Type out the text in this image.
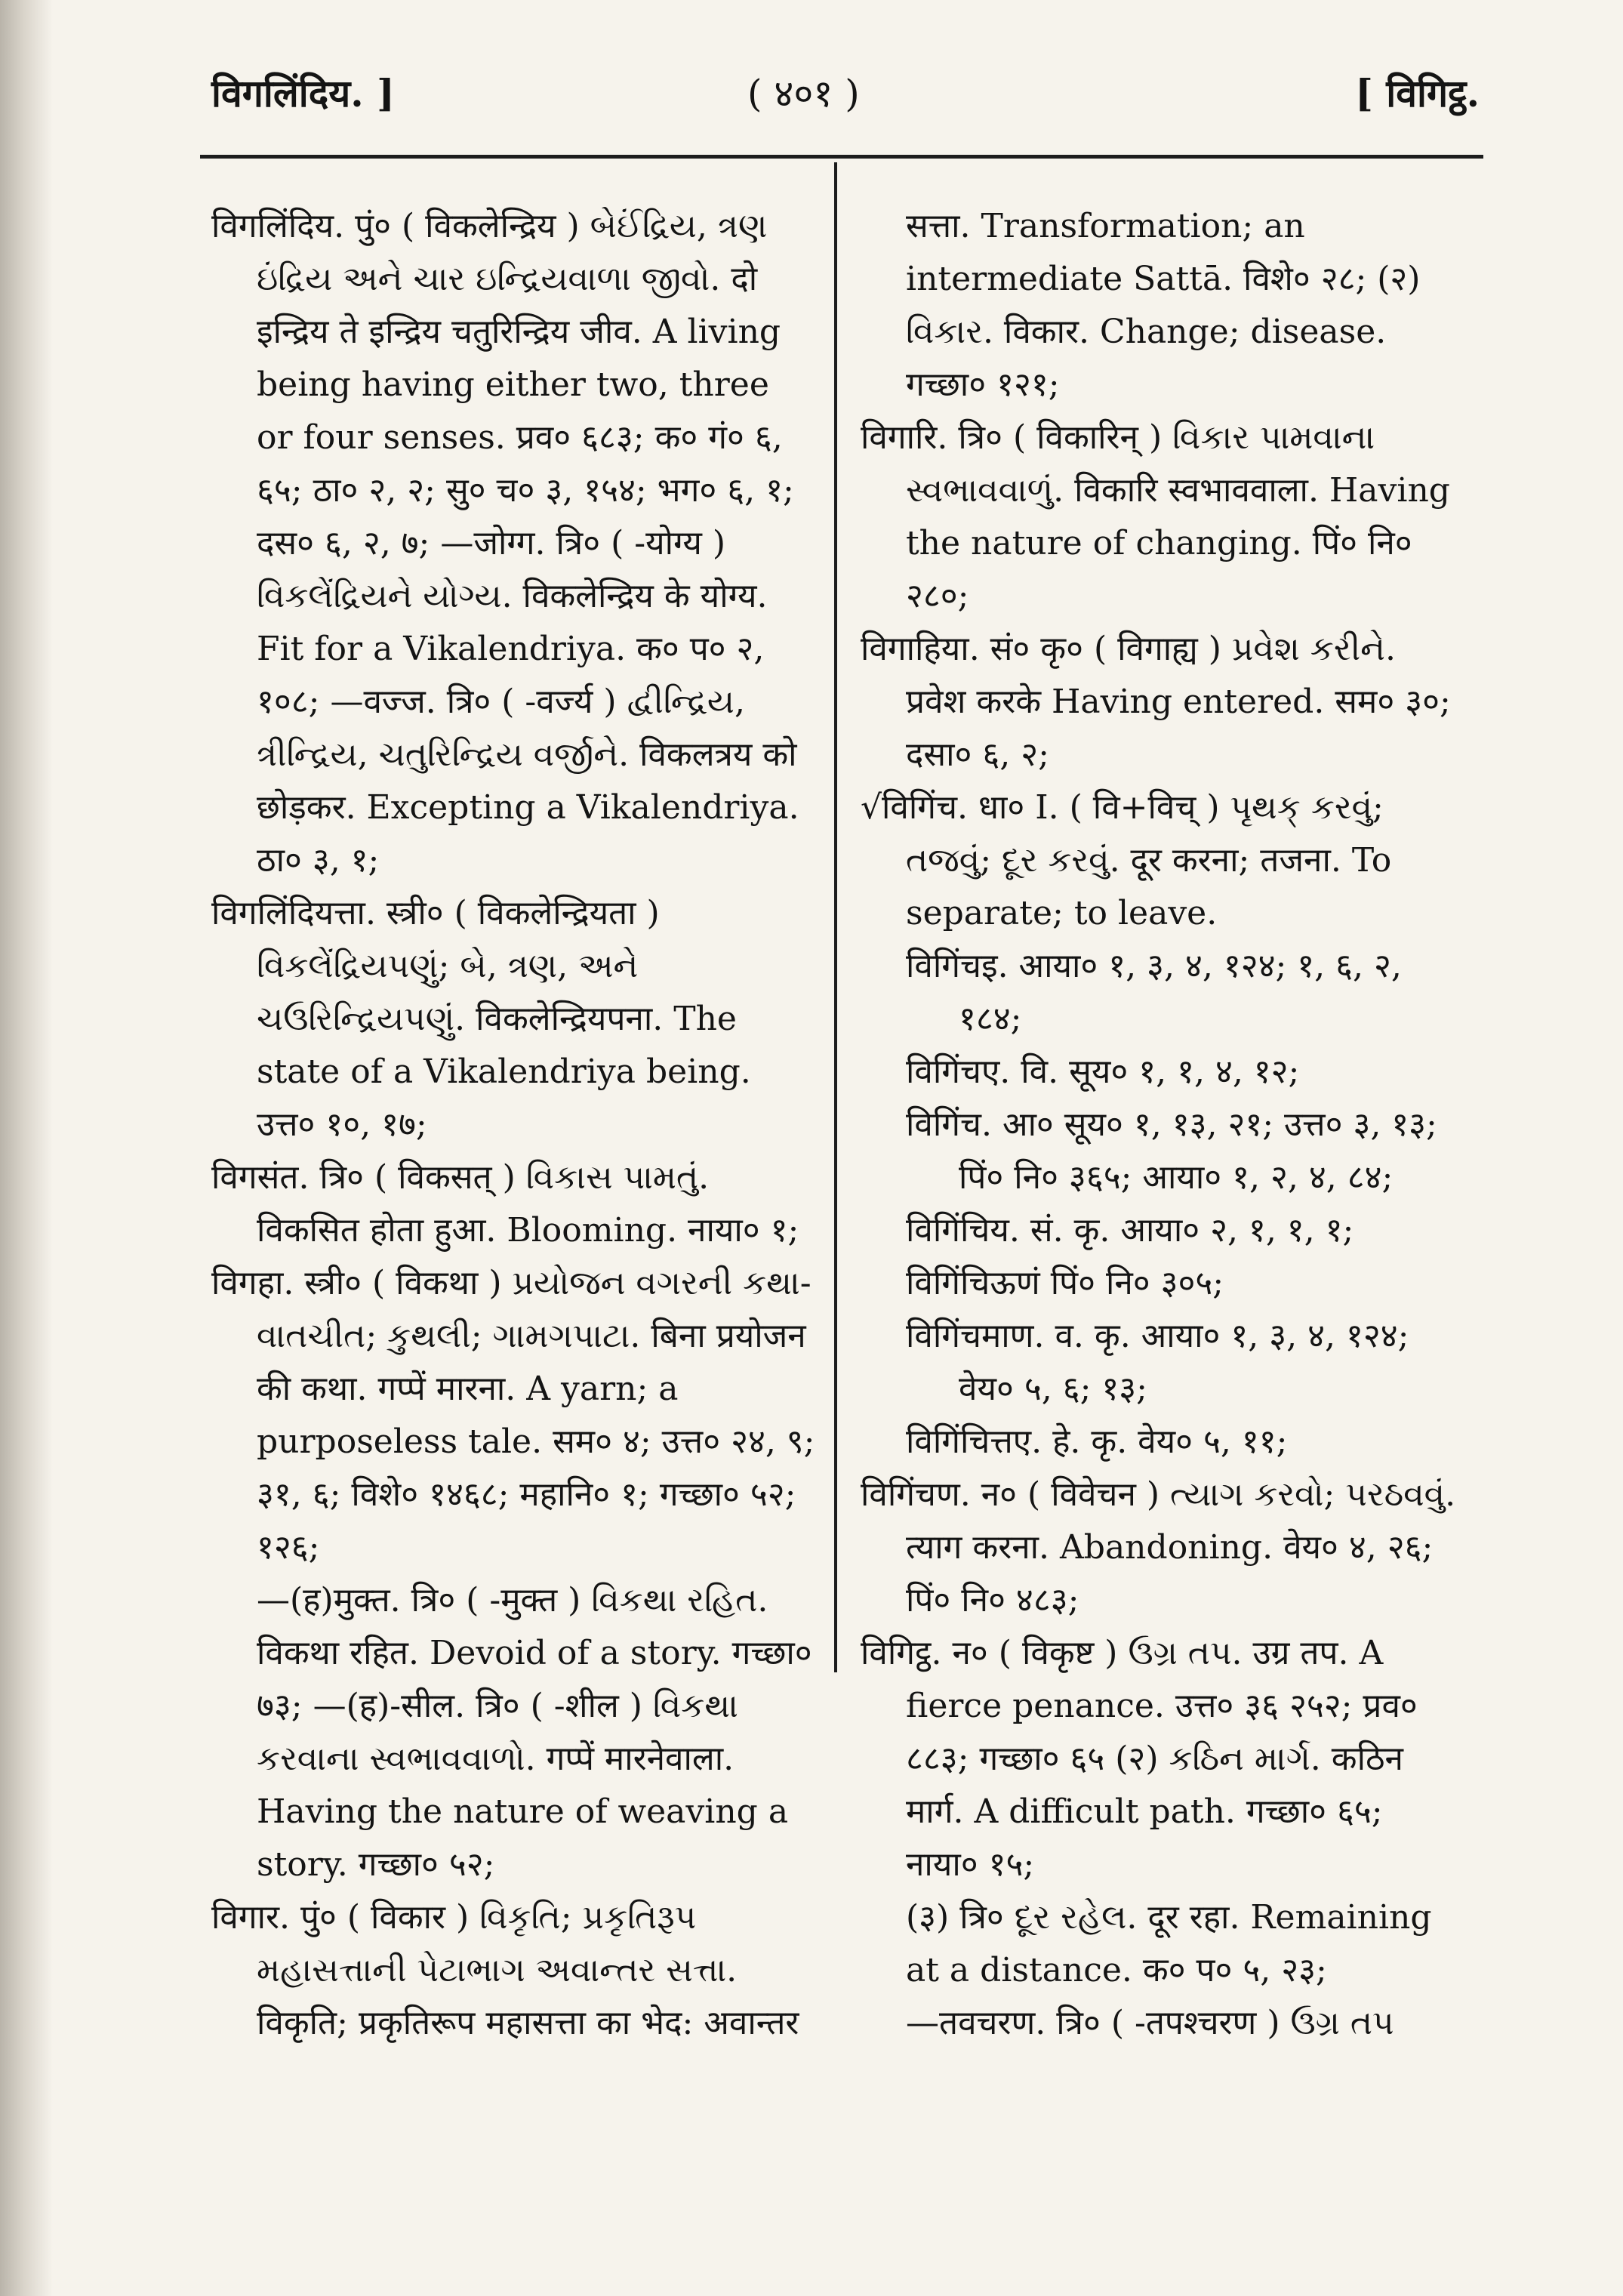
विगलिंदिय. ]	( ४०१ )	[ विगिट्ठ.

विगलिंदिय. पुं० ( विकलेन्द्रिय ) બેઈંદ્રિય, ત્રણ ઇંદ્રિય અને ચાર ઇન્દ્રિયવાળા જીવો. दो इन्द्रिय ते इन्द्रिय चतुरिन्द्रिय जीव. A living being having either two, three or four senses. प्रव० ६८३; क० गं० ६, ६५; ठा० २, २; सु० च० ३, १५४; भग० ६, १; दस० ६, २, ७; —जोग्ग. त्रि० ( -योग्य ) વિકલેંદ્રિયને યોગ્ય. विकलेन्द्रिय के योग्य. Fit for a Vikalendriya. क० प० २, १०८; —वज्ज. त्रि० ( -वर्ज्य ) દ્વીન્દ્રિય, ત્રીન્દ્રિય, ચતુરિન્દ્રિય વર્જીને. विकलत्रय को छोड़कर. Excepting a Vikalendriya. ठा० ३, १;

विगलिंदियत्ता. स्त्री० ( विकलेन्द्रियता ) વિકલેંદ્રિયપણું; બે, ત્રણ, અને ચઉરિન્દ્રિયપણું. विकलेन्द्रियपना. The state of a Vikalendriya being. उत्त० १०, १७;

विगसंत. त्रि० ( विकसत् ) વિકાસ પામતું. विकसित होता हुआ. Blooming. नाया० १;

विगहा. स्त्री० ( विकथा ) પ્રયોજન વગરની કથા-વાતચીત; કુથલી; ગામગપાટા. बिना प्रयोजन की कथा. गप्पें मारना. A yarn; a purposeless tale. सम० ४; उत्त० २४, ९; ३१, ६; विशे० १४६८; महानि० १; गच्छा० ५२; १२६;

—(ह)मुक्त. त्रि० ( -मुक्त ) વિકથા રહિત. विकथा रहित. Devoid of a story. गच्छा० ७३; —(ह)-सील. त्रि० ( -शील ) વિકથા કરવાના સ્વભાવવાળો. गप्पें मारनेवाला. Having the nature of weaving a story. गच्छा० ५२;

विगार. पुं० ( विकार ) વિકૃતિ; પ્રકૃતિરૂપ મહાસત્તાની પેટાભાગ અવાન્તર સત્તા. विकृति; प्रकृतिरूप महासत्ता का भेद: अवान्तर

सत्ता. Transformation; an intermediate Sattā. विशे० २८; (२) વિકાર. विकार. Change; disease. गच्छा० १२१;

विगारि. त्रि० ( विकारिन् ) વિકાર પામવાના સ્વભાવવાળું. विकारि स्वभाववाला. Having the nature of changing. पिं० नि० २८०;

विगाहिया. सं० कृ० ( विगाह्य ) પ્રવેશ કરીને. प्रवेश करके Having entered. सम० ३०; दसा० ६, २;

√विगिंच. धा० I. ( वि+विच् ) પૃથક્ કરવું; તજવું; દૂર કરવું. दूर करना; तजना. To separate; to leave.

विगिंचइ. आया० १, ३, ४, १२४; १, ६, २, १८४;

विगिंचए. वि. सूय० १, १, ४, १२;

विगिंच. आ० सूय० १, १३, २१; उत्त० ३, १३; पिं० नि० ३६५; आया० १, २, ४, ८४;

विगिंचिय. सं. कृ. आया० २, १, १, १;

विगिंचिऊणं पिं० नि० ३०५;

विगिंचमाण. व. कृ. आया० १, ३, ४, १२४; वेय० ५, ६; १३;

विगिंचित्तए. हे. कृ. वेय० ५, ११;

विगिंचण. न० ( विवेचन ) ત્યાગ કરવો; પરઠવવું. त्याग करना. Abandoning. वेय० ४, २६; पिं० नि० ४८३;

विगिट्ठ. न० ( विकृष्ट ) ઉગ્ર તપ. उग्र तप. A fierce penance. उत्त० ३६ २५२; प्रव० ८८३; गच्छा० ६५ (२) કઠિન માર્ગ. कठिन मार्ग. A difficult path. गच्छा० ६५; नाया० १५;

(३) त्रि० દૂર રહેલ. दूर रहा. Remaining at a distance. क० प० ५, २३;

—तवचरण. त्रि० ( -तपश्चरण ) ઉગ્ર તપ
